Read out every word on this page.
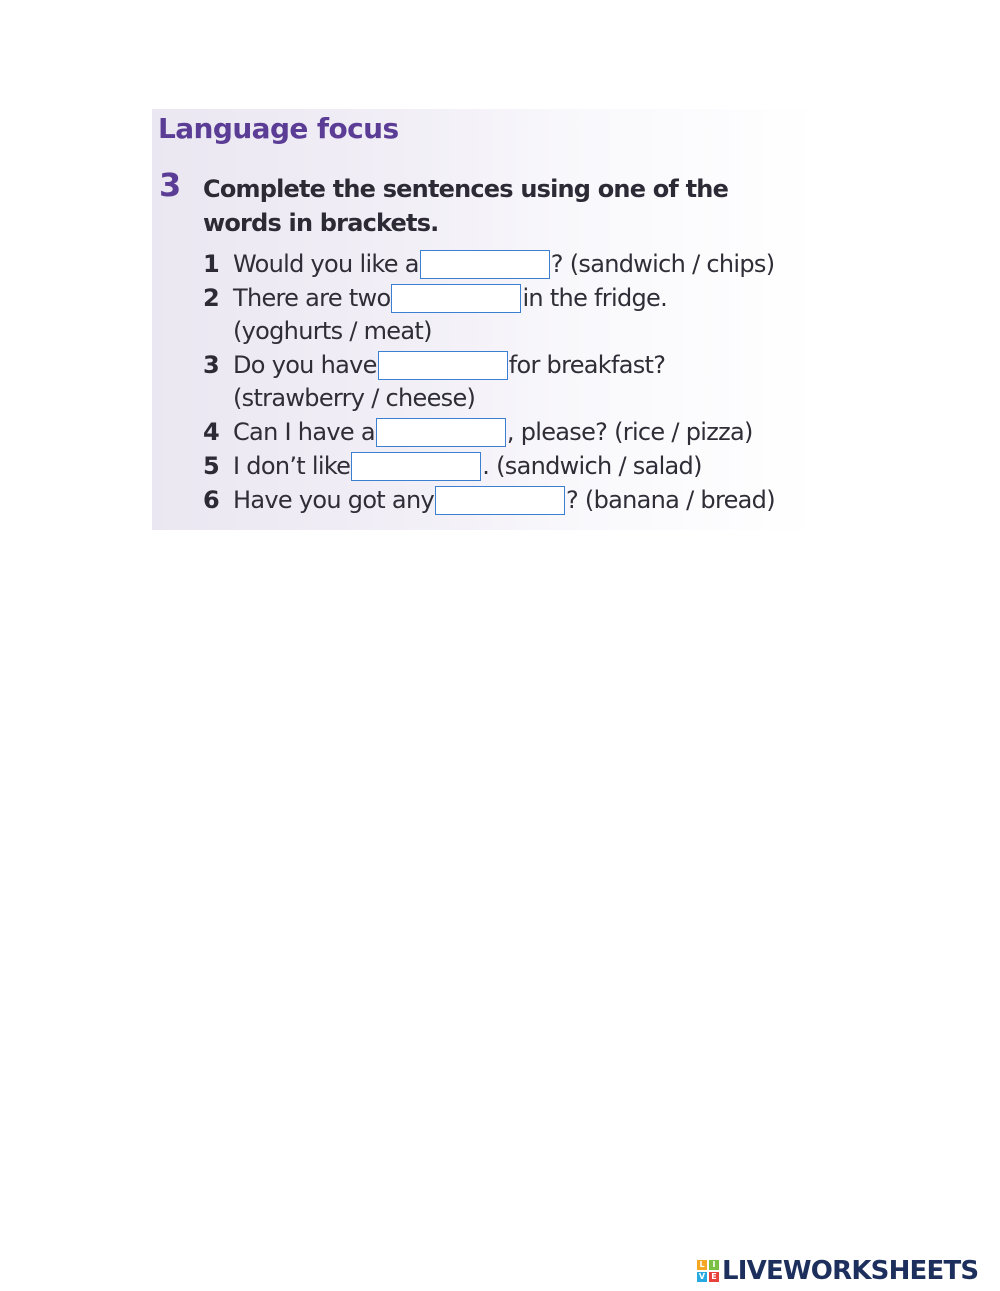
Language focus
3 Complete the sentences using one of the words in brackets.
1 Would you like a	? (sandwich / chips)
2 There are two	in the fridge.
(yoghurts / meat)
3 Do you have	for breakfast?
(strawberry / cheese)
4 Can I have a	, please? (rice / pizza)
5 I don’t like	. (sandwich / salad)
6 Have you got any	? (banana / bread)
L I
V E LIVEWORKSHEETS
